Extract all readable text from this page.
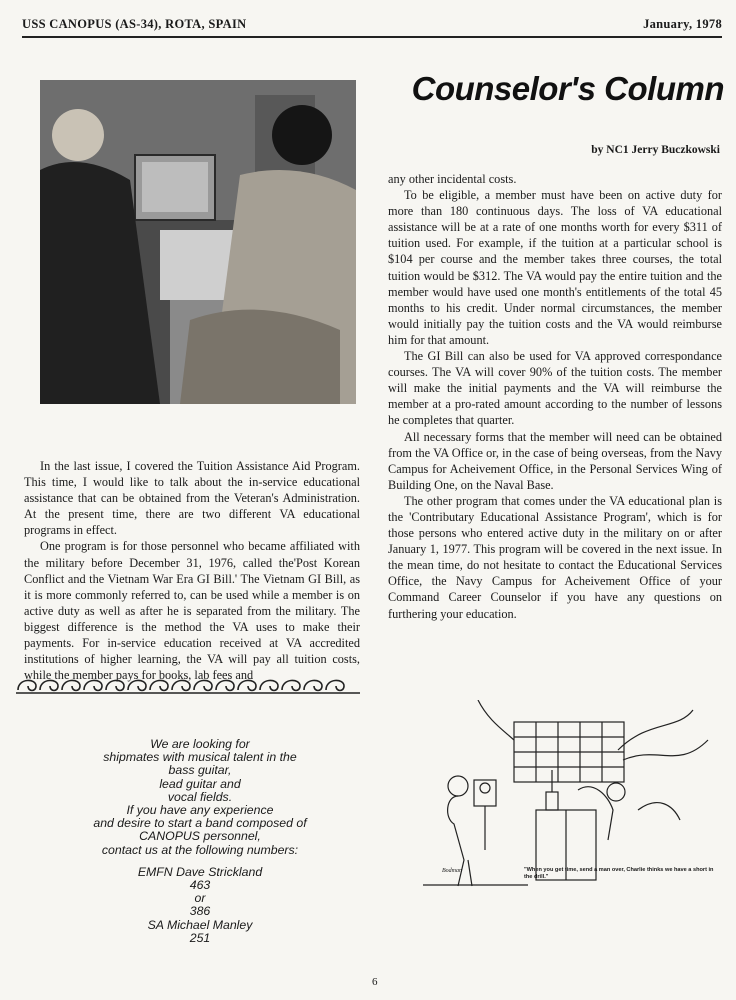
USS CANOPUS (AS-34), ROTA, SPAIN	January, 1978
Counselor's Column
by NC1 Jerry Buczkowski

In the last issue, I covered the Tuition Assistance Aid Program. This time, I would like to talk about the in-service educational assistance that can be obtained from the Veteran's Administration. At the present time, there are two different VA educational programs in effect.

One program is for those personnel who became affiliated with the military before December 31, 1976, called the'Post Korean Conflict and the Vietnam War Era GI Bill.' The Vietnam GI Bill, as it is more commonly referred to, can be used while a member is on active duty as well as after he is separated from the military. The biggest difference is the method the VA uses to make their payments. For in-service education received at VA accredited institutions of higher learning, the VA will pay all tuition costs, while the member pays for books, lab fees and

any other incidental costs.

To be eligible, a member must have been on active duty for more than 180 continuous days. The loss of VA educational assistance will be at a rate of one months worth for every $311 of tuition used. For example, if the tuition at a particular school is $104 per course and the member takes three courses, the total tuition would be $312. The VA would pay the entire tuition and the member would have used one month's entitlements of the total 45 months to his credit. Under normal circumstances, the member would initially pay the tuition costs and the VA would reimburse him for that amount.

The GI Bill can also be used for VA approved correspondance courses. The VA will cover 90% of the tuition costs. The member will make the initial payments and the VA will reimburse the member at a pro-rated amount according to the number of lessons he completes that quarter.

All necessary forms that the member will need can be obtained from the VA Office or, in the case of being overseas, from the Navy Campus for Acheivement Office, in the Personal Services Wing of Building One, on the Naval Base.

The other program that comes under the VA educational plan is the 'Contributary Educational Assistance Program', which is for those persons who entered active duty in the military on or after January 1, 1977. This program will be covered in the next issue. In the mean time, do not hesitate to contact the Educational Services Office, the Navy Campus for Acheivement Office of your Command Career Counselor if you have any questions on furthering your education.

We are looking for
shipmates with musical talent in the
bass guitar,
lead guitar and
vocal fields.
If you have any experience
and desire to start a band composed of
CANOPUS personnel,
contact us at the following numbers:
EMFN Dave Strickland
463
or
386
SA Michael Manley
251
"When you get time, send a man over, Charlie thinks we have a short in the drill."
Bodman
6
